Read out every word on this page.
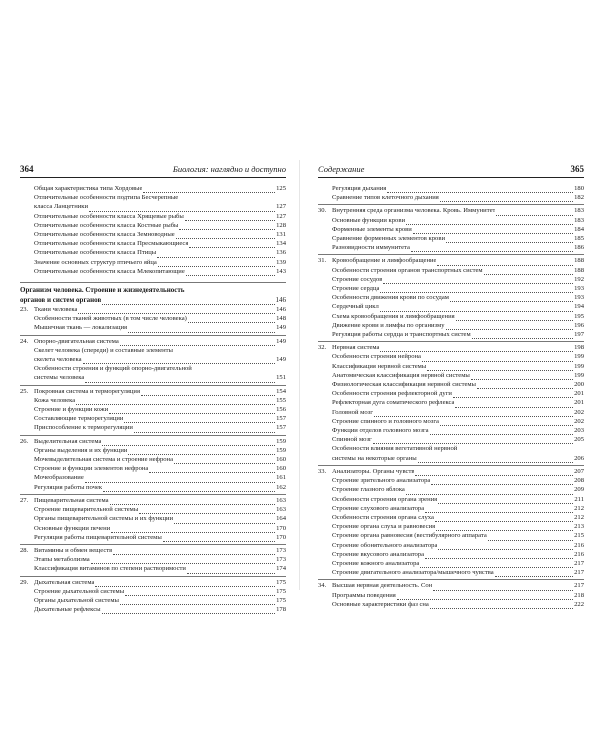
364	Биология: наглядно и доступно
Общая характеристика типа Хордовые	125
Отличительные особенности подтипа Бесчерепные
класса Ланцетники	127
Отличительные особенности класса Хрящевые рыбы	127
Отличительные особенности класса Костные рыбы	128
Отличительные особенности класса Земноводные	131
Отличительные особенности класса Пресмыкающиеся	134
Отличительные особенности класса Птицы	136
Значение основных структур птичьего яйца	139
Отличительные особенности класса Млекопитающие	143
Организм человека. Строение и жизнедеятельность
органов и систем органов	146
23. Ткани человека	146
Особенности тканей животных (в том числе человека)	148
Мышечная ткань — локализация	149
24. Опорно-двигательная система	149
Скелет человека (спереди) и составные элементы
скелета человека	149
Особенности строения и функций опорно-двигательной
системы человека	151
25. Покровная система и терморегуляция	154
Кожа человека	155
Строение и функции кожи	156
Составляющие терморегуляции	157
Приспособление к терморегуляции	157
26. Выделительная система	159
Органы выделения и их функции	159
Мочевыделительная система и строение нефрона	160
Строение и функции элементов нефрона	160
Мочеобразование	161
Регуляция работы почек	162
27. Пищеварительная система	163
Строение пищеварительной системы	163
Органы пищеварительной системы и их функции	164
Основные функции печени	170
Регуляция работы пищеварительной системы	170
28. Витамины и обмен веществ	173
Этапы метаболизма	173
Классификация витаминов по степени растворимости	174
29. Дыхательная система	175
Строение дыхательной системы	175
Органы дыхательной системы	175
Дыхательные рефлексы	178
Содержание	365
Регуляция дыхания	180
Сравнение типов клеточного дыхания	182
30. Внутренняя среда организма человека. Кровь. Иммунитет	183
Основные функции крови	183
Форменные элементы крови	184
Сравнение форменных элементов крови	185
Разновидности иммунитета	186
31. Кровообращение и лимфообращение	188
Особенности строения органов транспортных систем	188
Строение сосудов	192
Строение сердца	193
Особенности движения крови по сосудам	193
Сердечный цикл	194
Схема кровообращения и лимфообращения	195
Движение крови и лимфы по организму	196
Регуляция работы сердца и транспортных систем	197
32. Нервная система	198
Особенности строения нейрона	199
Классификация нервной системы	199
Анатомическая классификация нервной системы	199
Физиологическая классификация нервной системы	200
Особенности строения рефлекторной дуги	201
Рефлекторная дуга соматического рефлекса	201
Головной мозг	202
Строение спинного и головного мозга	202
Функции отделов головного мозга	203
Спинной мозг	205
Особенности влияния вегетативной нервной
системы на некоторые органы	206
33. Анализаторы. Органы чувств	207
Строение зрительного анализатора	208
Строение глазного яблока	209
Особенности строения органа зрения	211
Строение слухового анализатора	212
Особенности строения органа слуха	212
Строение органа слуха и равновесия	213
Строение органа равновесия (вестибулярного аппарата	215
Строение обонятельного анализатора	216
Строение вкусового анализатора	216
Строение кожного анализатора	217
Строение двигательного анализатора/мышечного чувства	217
34. Высшая нервная деятельность. Сон	217
Программы поведения	218
Основные характеристики фаз сна	222
